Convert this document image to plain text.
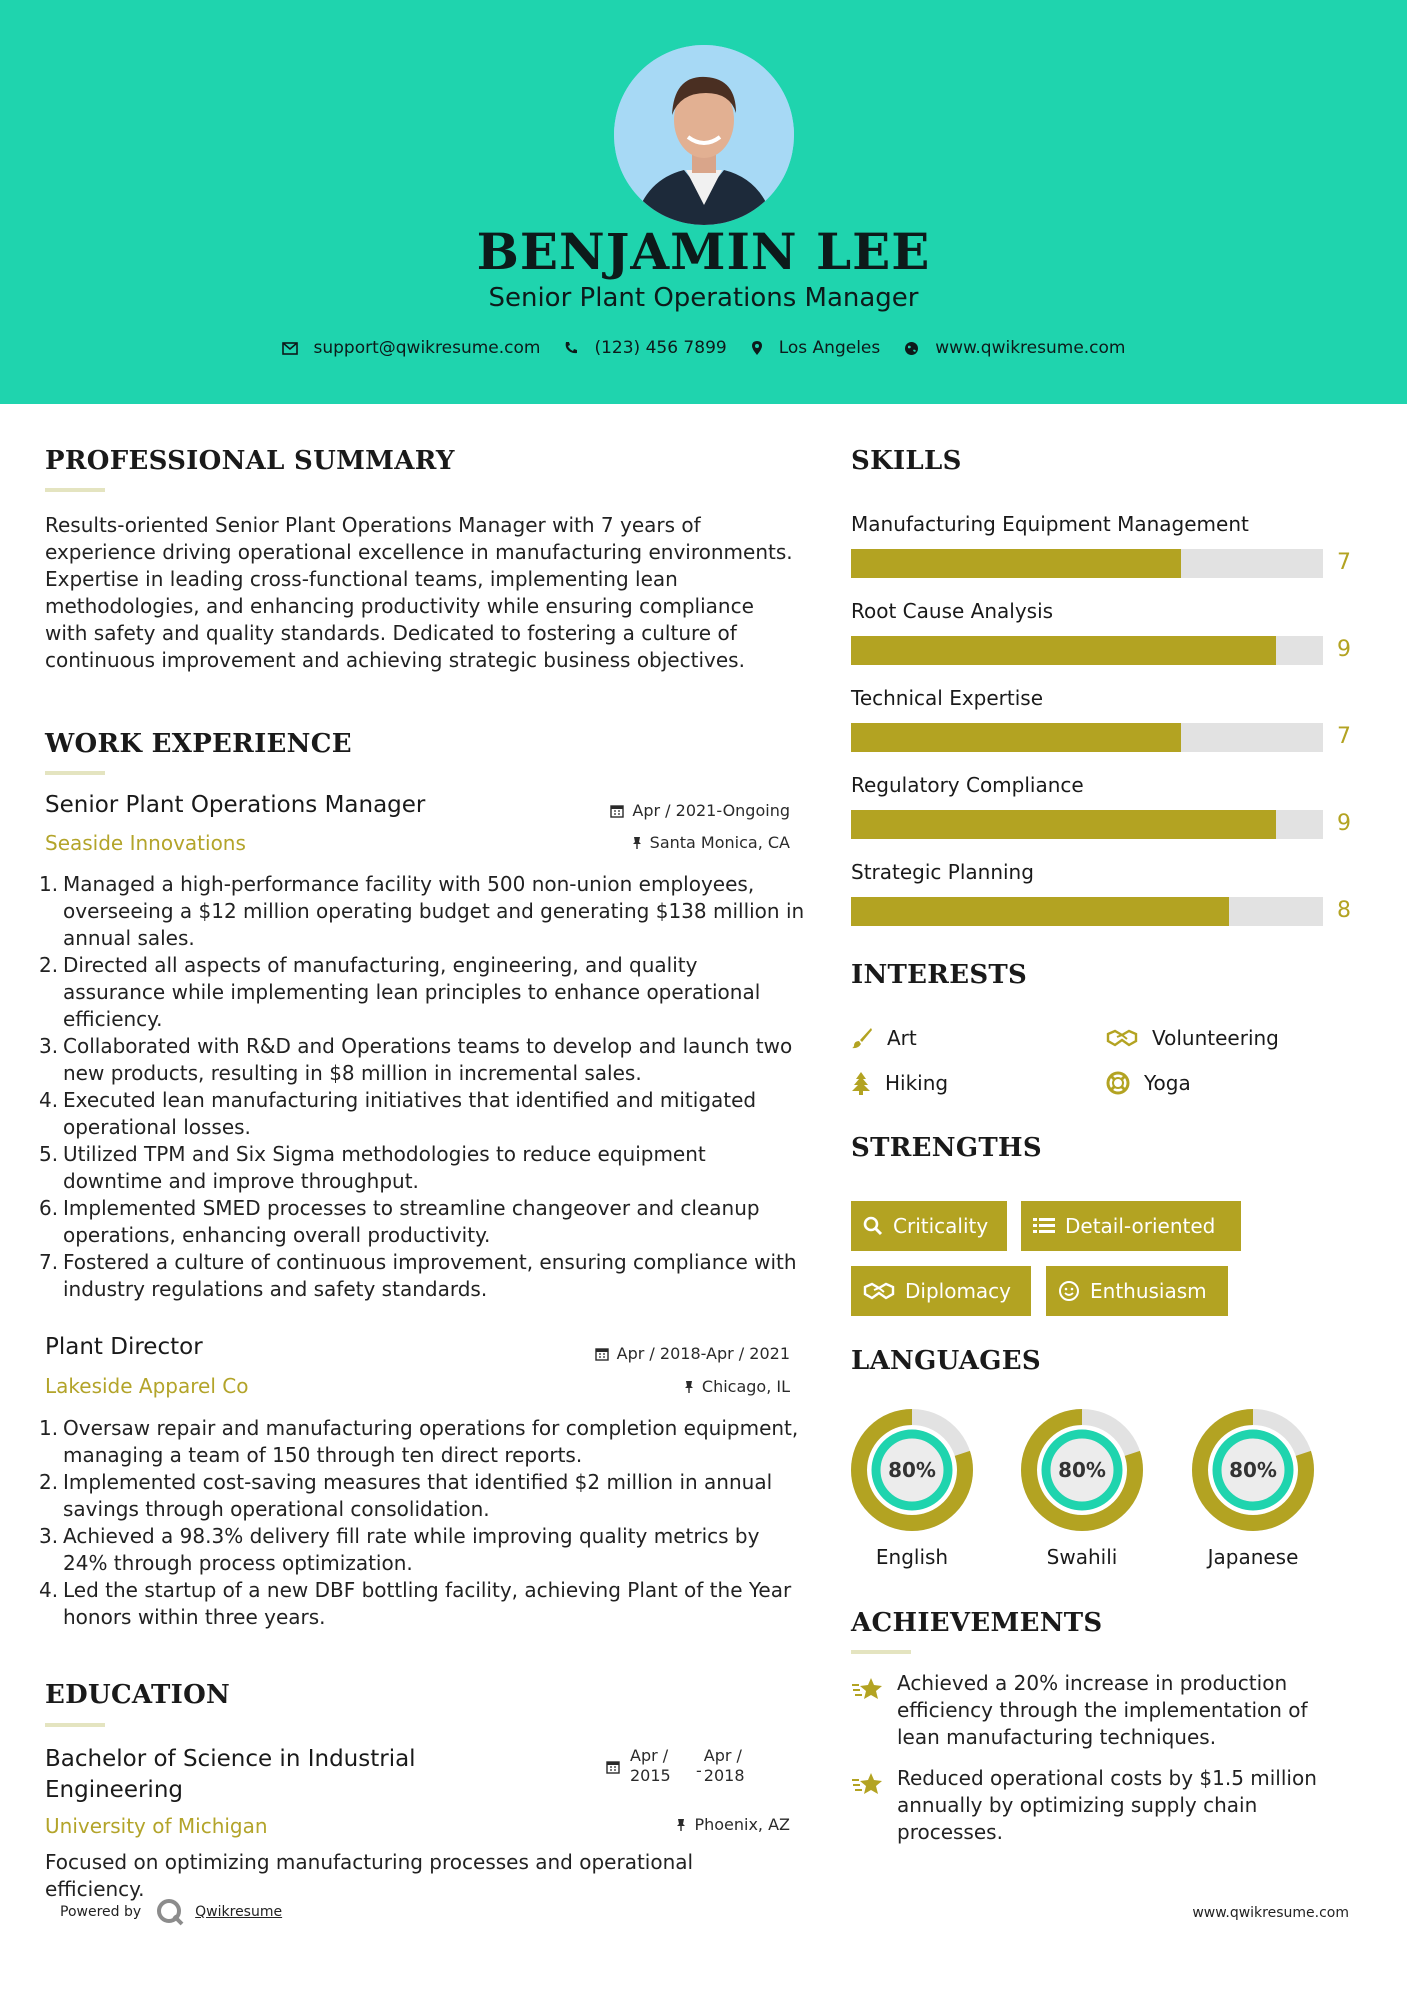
BENJAMIN LEE
Senior Plant Operations Manager
support@qwikresume.com	(123) 456 7899	Los Angeles	www.qwikresume.com
PROFESSIONAL SUMMARY
Results-oriented Senior Plant Operations Manager with 7 years of experience driving operational excellence in manufacturing environments. Expertise in leading cross-functional teams, implementing lean methodologies, and enhancing productivity while ensuring compliance with safety and quality standards. Dedicated to fostering a culture of continuous improvement and achieving strategic business objectives.
WORK EXPERIENCE
Senior Plant Operations Manager
Seaside Innovations
Apr / 2021-Ongoing
Santa Monica, CA
1. Managed a high-performance facility with 500 non-union employees, overseeing a $12 million operating budget and generating $138 million in annual sales.
2. Directed all aspects of manufacturing, engineering, and quality assurance while implementing lean principles to enhance operational efficiency.
3. Collaborated with R&D and Operations teams to develop and launch two new products, resulting in $8 million in incremental sales.
4. Executed lean manufacturing initiatives that identified and mitigated operational losses.
5. Utilized TPM and Six Sigma methodologies to reduce equipment downtime and improve throughput.
6. Implemented SMED processes to streamline changeover and cleanup operations, enhancing overall productivity.
7. Fostered a culture of continuous improvement, ensuring compliance with industry regulations and safety standards.
Plant Director
Lakeside Apparel Co
Apr / 2018-Apr / 2021
Chicago, IL
1. Oversaw repair and manufacturing operations for completion equipment, managing a team of 150 through ten direct reports.
2. Implemented cost-saving measures that identified $2 million in annual savings through operational consolidation.
3. Achieved a 98.3% delivery fill rate while improving quality metrics by 24% through process optimization.
4. Led the startup of a new DBF bottling facility, achieving Plant of the Year honors within three years.
EDUCATION
Bachelor of Science in Industrial Engineering
University of Michigan
Apr / 2015	-
Apr / 2018
Phoenix, AZ
Focused on optimizing manufacturing processes and operational efficiency.
SKILLS
Manufacturing Equipment Management
7
Root Cause Analysis
9
Technical Expertise
7
Regulatory Compliance
9
Strategic Planning
8
INTERESTS
Art	Volunteering
Hiking	Yoga
STRENGTHS
Criticality	Detail-oriented
Diplomacy	Enthusiasm
LANGUAGES
80%
English
80%
Swahili
80%
Japanese
ACHIEVEMENTS
Achieved a 20% increase in production efficiency through the implementation of lean manufacturing techniques.
Reduced operational costs by $1.5 million annually by optimizing supply chain processes.
Powered by	Qwikresume	www.qwikresume.com
